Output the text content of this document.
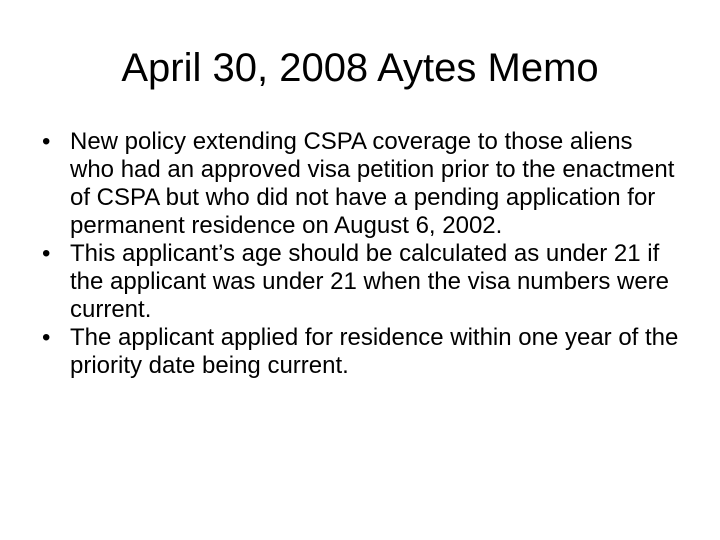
April 30, 2008 Aytes Memo
• New policy extending CSPA coverage to those aliens who had an approved visa petition prior to the enactment of CSPA but who did not have a pending application for permanent residence on August 6, 2002.
• This applicant’s age should be calculated as under 21 if the applicant was under 21 when the visa numbers were current.
• The applicant applied for residence within one year of the priority date being current.
